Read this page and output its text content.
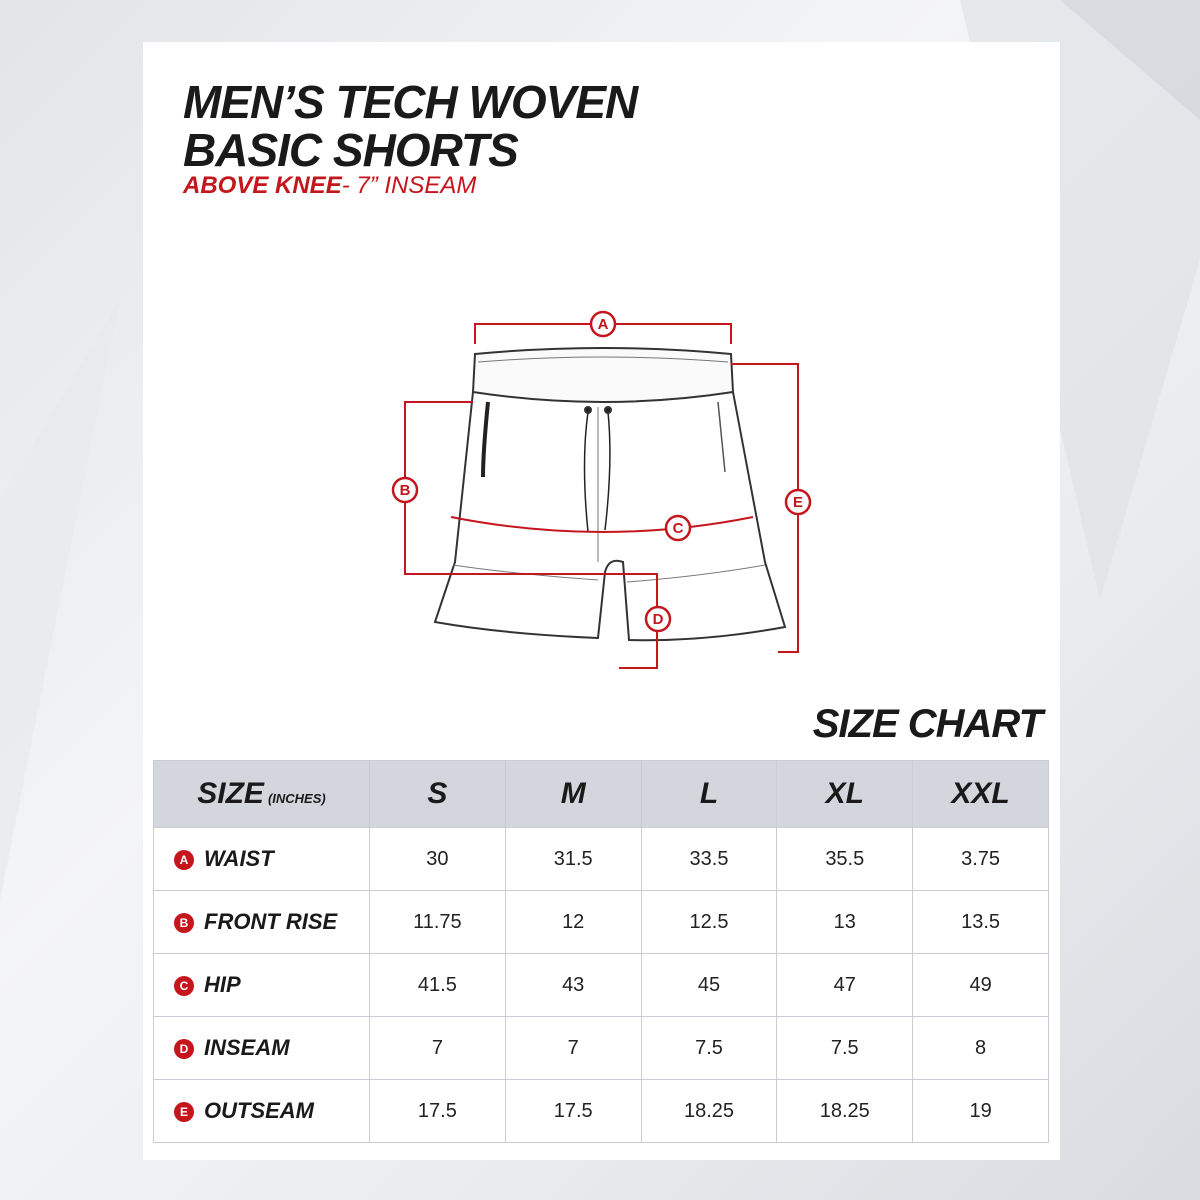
MEN’S TECH WOVEN
BASIC SHORTS
ABOVE KNEE- 7” INSEAM
A
B
C
D
E
SIZE CHART
SIZE (INCHES)	S	M	L	XL	XXL
A WAIST	30	31.5	33.5	35.5	3.75
B FRONT RISE	11.75	12	12.5	13	13.5
C HIP	41.5	43	45	47	49
D INSEAM	7	7	7.5	7.5	8
E OUTSEAM	17.5	17.5	18.25	18.25	19
